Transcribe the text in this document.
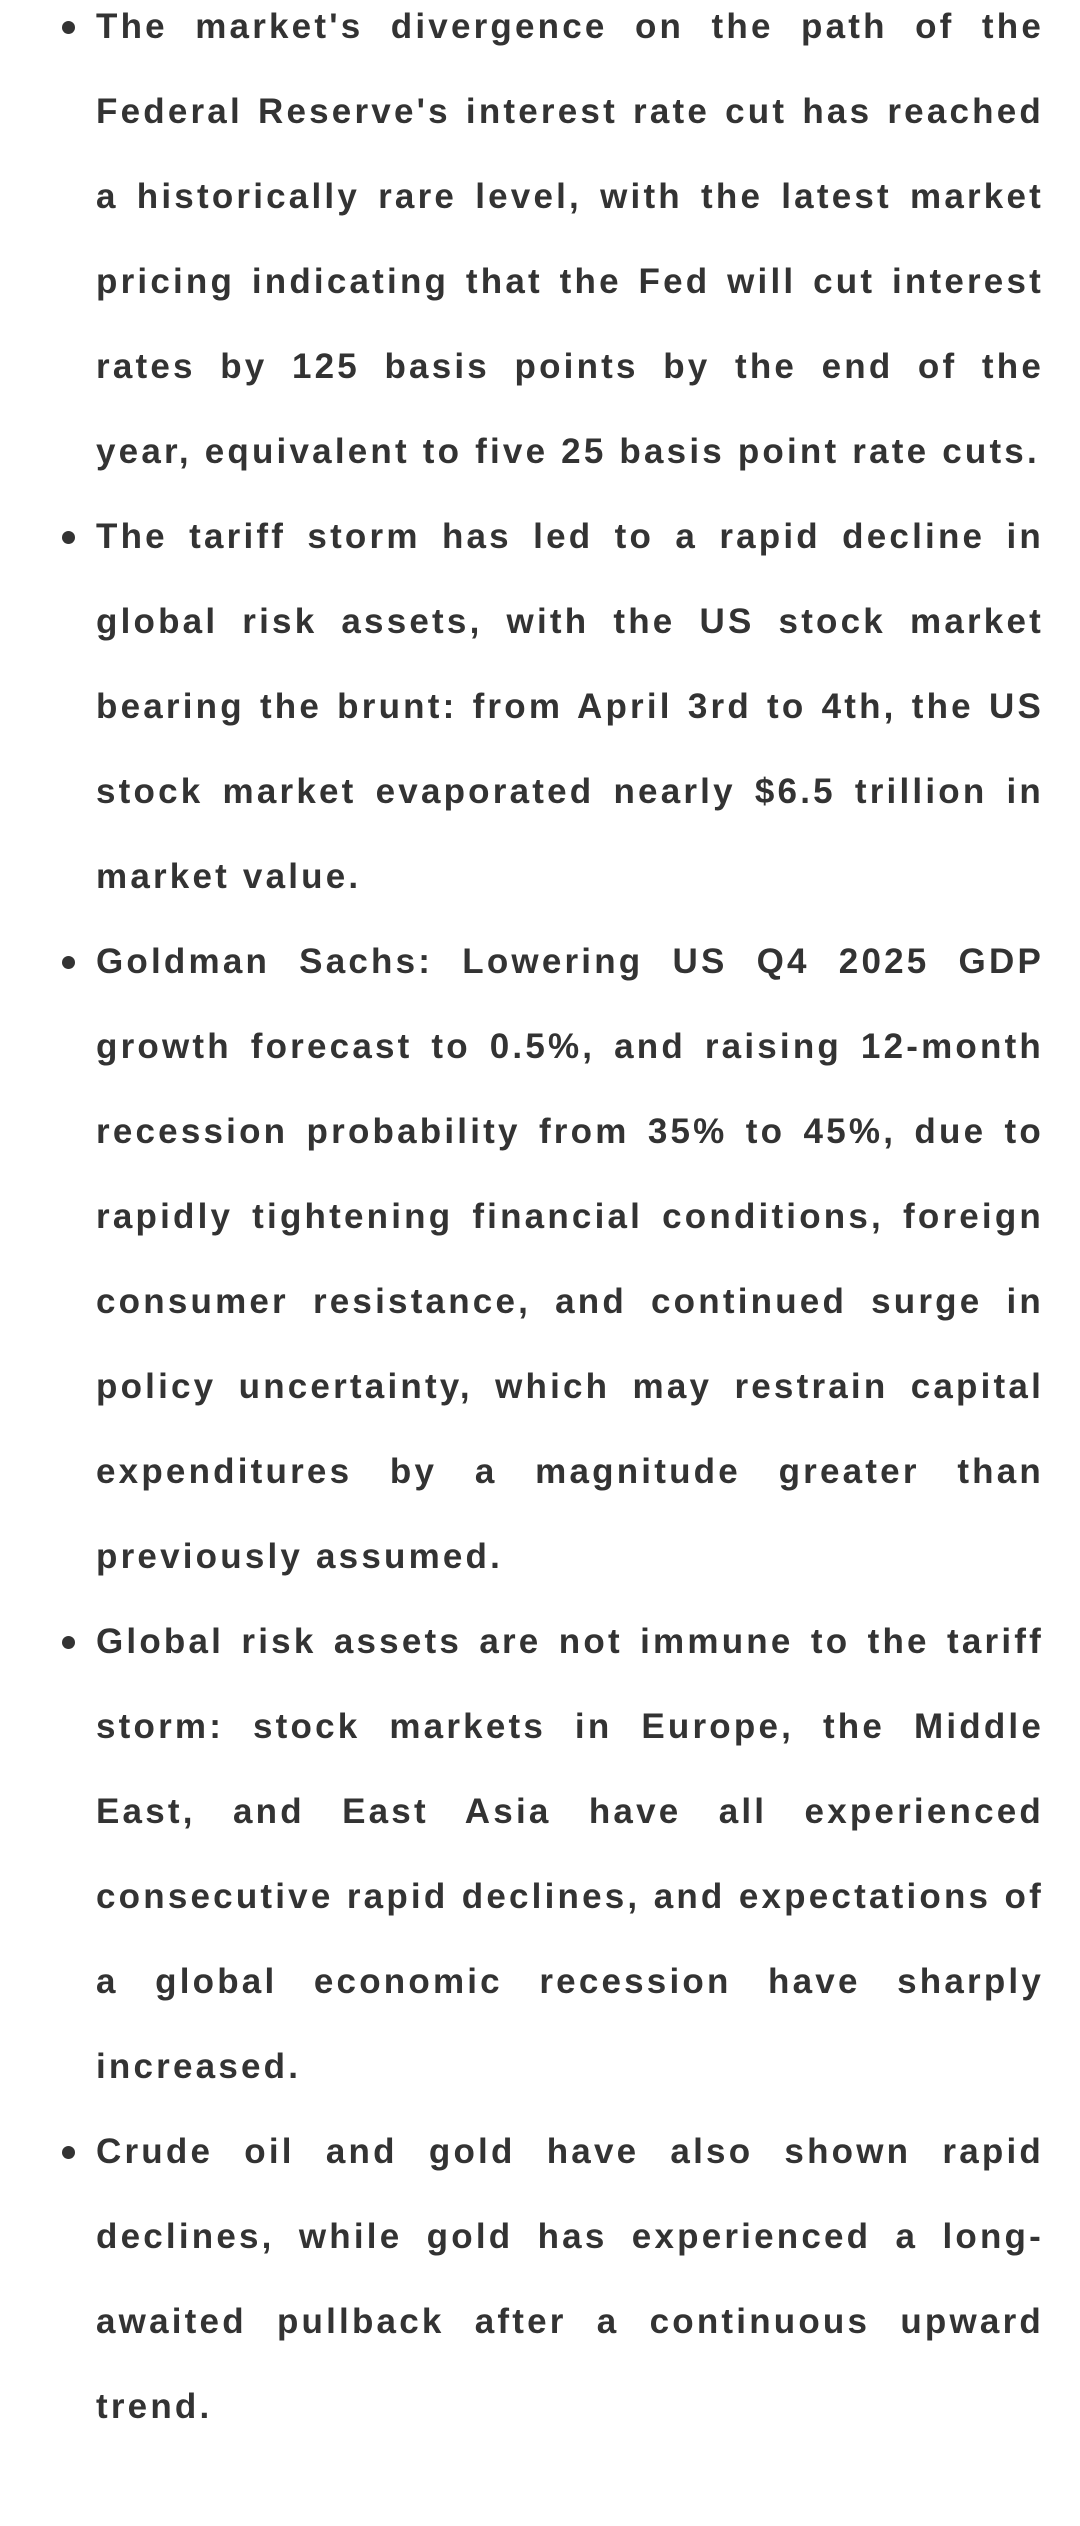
The market's divergence on the path of the Federal Reserve's interest rate cut has reached a historically rare level, with the latest market pricing indicating that the Fed will cut interest rates by 125 basis points by the end of the year, equivalent to five 25 basis point rate cuts.

The tariff storm has led to a rapid decline in global risk assets, with the US stock market bearing the brunt: from April 3rd to 4th, the US stock market evaporated nearly $6.5 trillion in market value.

Goldman Sachs: Lowering US Q4 2025 GDP growth forecast to 0.5%, and raising 12-month recession probability from 35% to 45%, due to rapidly tightening financial conditions, foreign consumer resistance, and continued surge in policy uncertainty, which may restrain capital expenditures by a magnitude greater than previously assumed.

Global risk assets are not immune to the tariff storm: stock markets in Europe, the Middle East, and East Asia have all experienced consecutive rapid declines, and expectations of a global economic recession have sharply increased.

Crude oil and gold have also shown rapid declines, while gold has experienced a long-awaited pullback after a continuous upward trend.
